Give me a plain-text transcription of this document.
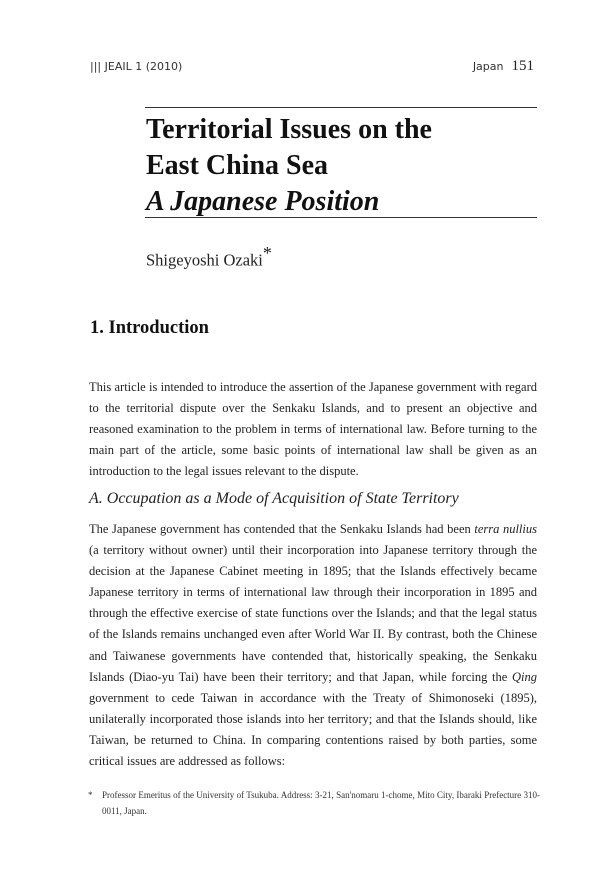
||| JEAIL 1 (2010)	Japan 151
Territorial Issues on the
East China Sea
A Japanese Position
Shigeyoshi Ozaki*
1. Introduction
This article is intended to introduce the assertion of the Japanese government with regard to the territorial dispute over the Senkaku Islands, and to present an objective and reasoned examination to the problem in terms of international law. Before turning to the main part of the article, some basic points of international law shall be given as an introduction to the legal issues relevant to the dispute.
A. Occupation as a Mode of Acquisition of State Territory
The Japanese government has contended that the Senkaku Islands had been terra nullius (a territory without owner) until their incorporation into Japanese territory through the decision at the Japanese Cabinet meeting in 1895; that the Islands effectively became Japanese territory in terms of international law through their incorporation in 1895 and through the effective exercise of state functions over the Islands; and that the legal status of the Islands remains unchanged even after World War II. By contrast, both the Chinese and Taiwanese governments have contended that, historically speaking, the Senkaku Islands (Diao-yu Tai) have been their territory; and that Japan, while forcing the Qing government to cede Taiwan in accordance with the Treaty of Shimonoseki (1895), unilaterally incorporated those islands into her territory; and that the Islands should, like Taiwan, be returned to China. In comparing contentions raised by both parties, some critical issues are addressed as follows:
* Professor Emeritus of the University of Tsukuba. Address: 3-21, San'nomaru 1-chome, Mito City, Ibaraki Prefecture 310-0011, Japan.
